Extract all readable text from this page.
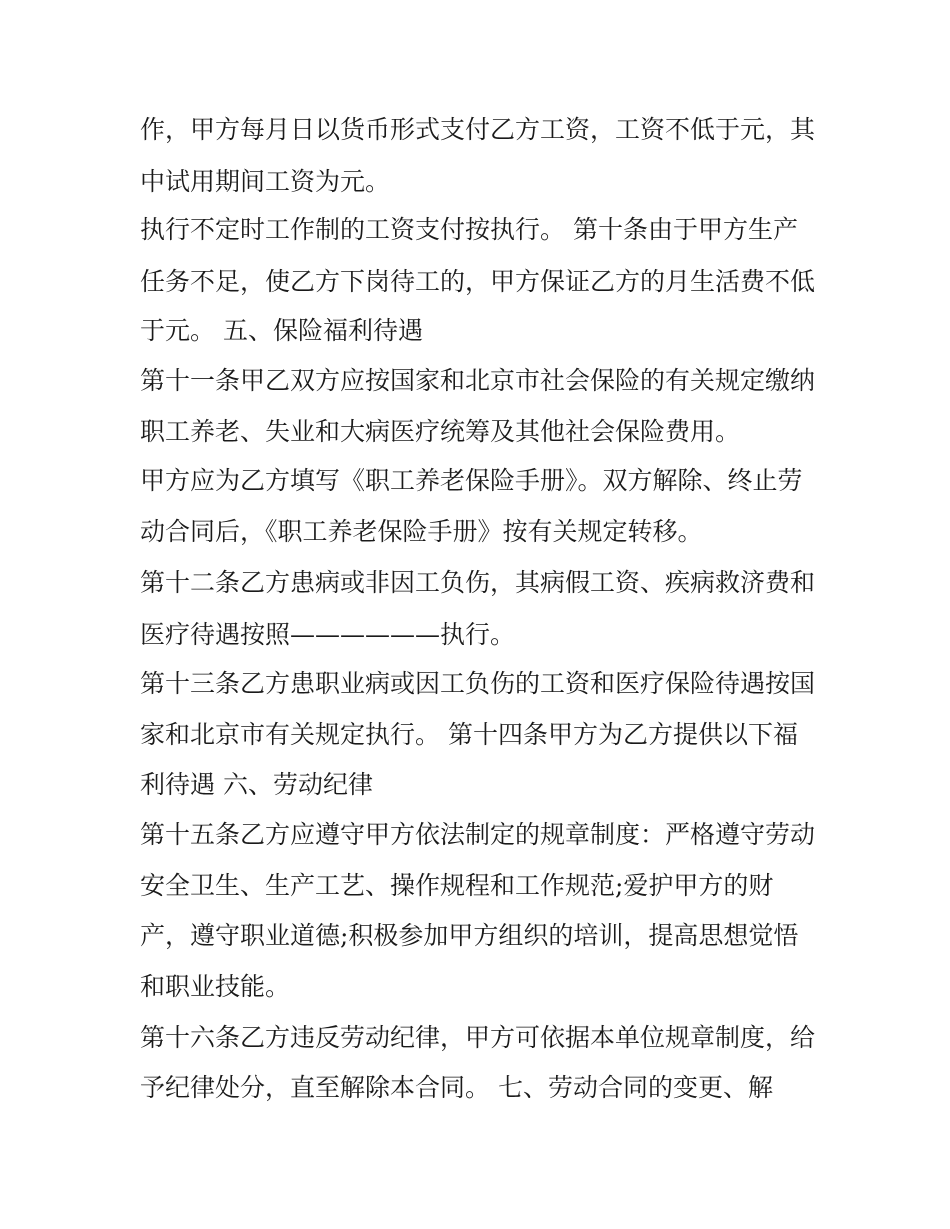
作，甲方每月日以货币形式支付乙方工资，工资不低于元，其
中试用期间工资为元。
执行不定时工作制的工资支付按执行。 第十条由于甲方生产
任务不足，使乙方下岗待工的，甲方保证乙方的月生活费不低
于元。 五、保险福利待遇
第十一条甲乙双方应按国家和北京市社会保险的有关规定缴纳
职工养老、失业和大病医疗统筹及其他社会保险费用。
甲方应为乙方填写《职工养老保险手册》。双方解除、终止劳
动合同后，《职工养老保险手册》按有关规定转移。
第十二条乙方患病或非因工负伤，其病假工资、疾病救济费和
医疗待遇按照——————执行。
第十三条乙方患职业病或因工负伤的工资和医疗保险待遇按国
家和北京市有关规定执行。 第十四条甲方为乙方提供以下福
利待遇 六、劳动纪律
第十五条乙方应遵守甲方依法制定的规章制度：严格遵守劳动
安全卫生、生产工艺、操作规程和工作规范;爱护甲方的财
产，遵守职业道德;积极参加甲方组织的培训，提高思想觉悟
和职业技能。
第十六条乙方违反劳动纪律，甲方可依据本单位规章制度，给
予纪律处分，直至解除本合同。 七、劳动合同的变更、解
